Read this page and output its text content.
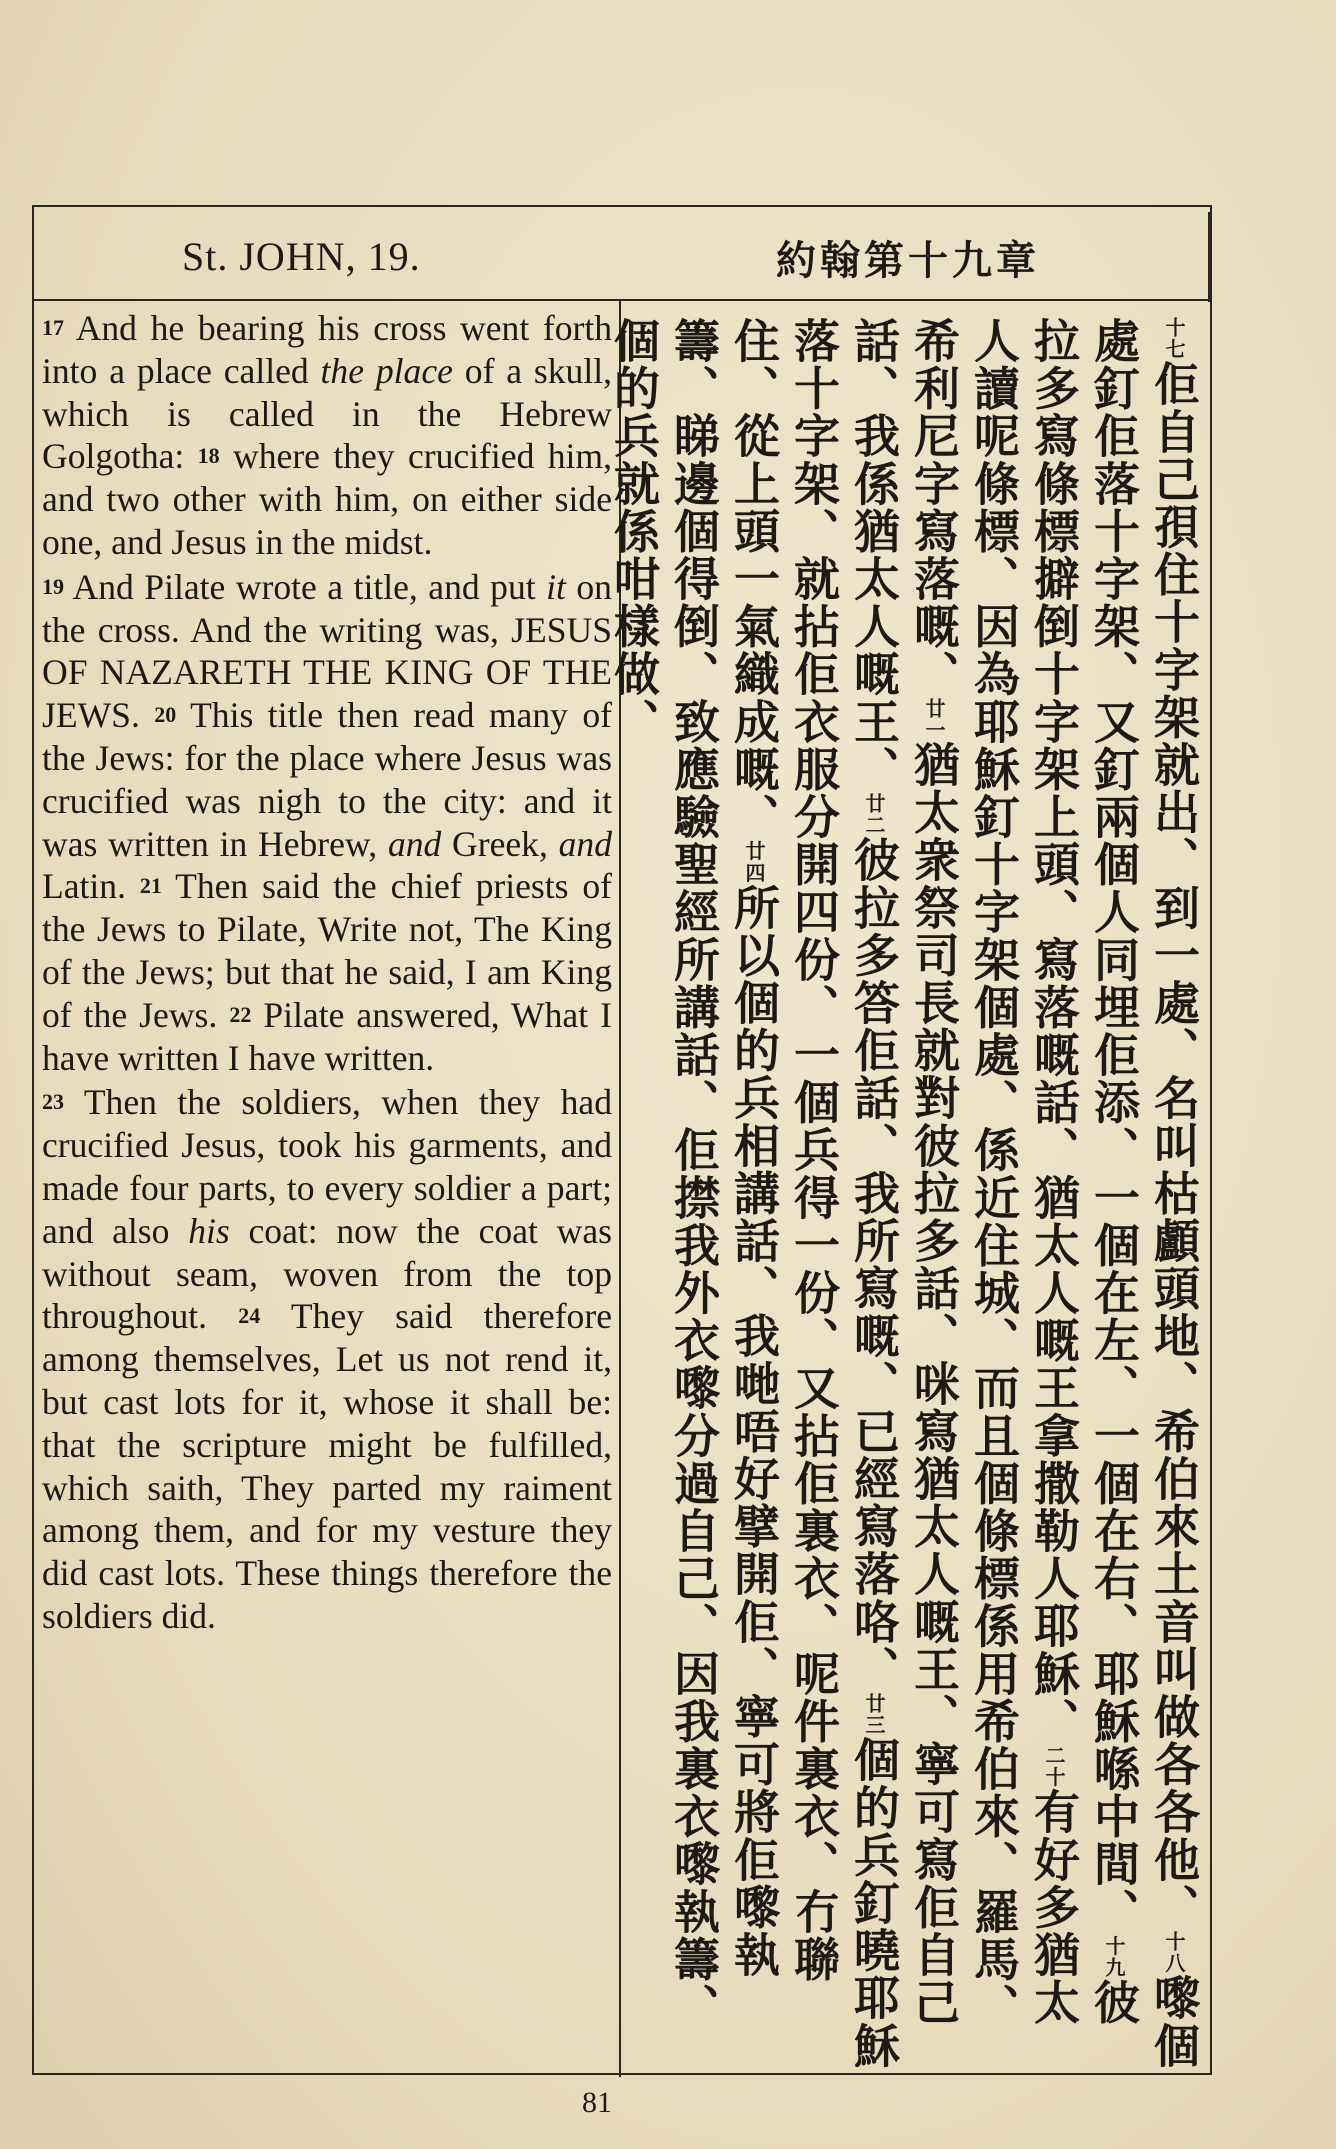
St. JOHN, 19.	約翰第十九章

$^{17}$ And he bearing his cross went forth into a place called the place of a skull, which is called in the Hebrew Golgotha: $^{18}$ where they crucified him, and two other with him, on either side one, and Jesus in the midst.

$^{19}$ And Pilate wrote a title, and put it on the cross. And the writing was, JESUS OF NAZARETH THE KING OF THE JEWS. $^{20}$ This title then read many of the Jews: for the place where Jesus was crucified was nigh to the city: and it was written in Hebrew, and Greek, and Latin. $^{21}$ Then said the chief priests of the Jews to Pilate, Write not, The King of the Jews; but that he said, I am King of the Jews. $^{22}$ Pilate answered, What I have written I have written.

$^{23}$ Then the soldiers, when they had crucified Jesus, took his garments, and made four parts, to every soldier a part; and also his coat: now the coat was without seam, woven from the top throughout. $^{24}$ They said therefore among themselves, Let us not rend it, but cast lots for it, whose it shall be: that the scripture might be fulfilled, which saith, They parted my raiment among them, and for my vesture they did cast lots. These things therefore the soldiers did.

十七佢自己孭住十字架就出、到一處、名叫枯顱頭地、希伯來土音叫做各各他、十八嚟個處釘佢落十字架、又釘兩個人同埋佢添、一個在左、一個在右、耶穌喺中間、十九彼拉多寫條標擗倒十字架上頭、寫落嘅話、猶太人嘅王拿撒勒人耶穌、二十有好多猶太人讀呢條標、因為耶穌釘十字架個處、係近住城、而且個條標係用希伯來、羅馬、希利尼字寫落嘅、廿一猶太衆祭司長就對彼拉多話、咪寫猶太人嘅王、寧可寫佢自己話、我係猶太人嘅王、廿二彼拉多答佢話、我所寫嘅、已經寫落咯、廿三個的兵釘曉耶穌落十字架、就拈佢衣服分開四份、一個兵得一份、又拈佢裏衣、呢件裏衣、冇聯住、從上頭一氣織成嘅、廿四所以個的兵相講話、我哋唔好擘開佢、寧可將佢嚟執籌、睇邊個得倒、致應驗聖經所講話、佢㩒我外衣嚟分過自己、因我裏衣嚟執籌、個的兵就係咁樣做、
81
